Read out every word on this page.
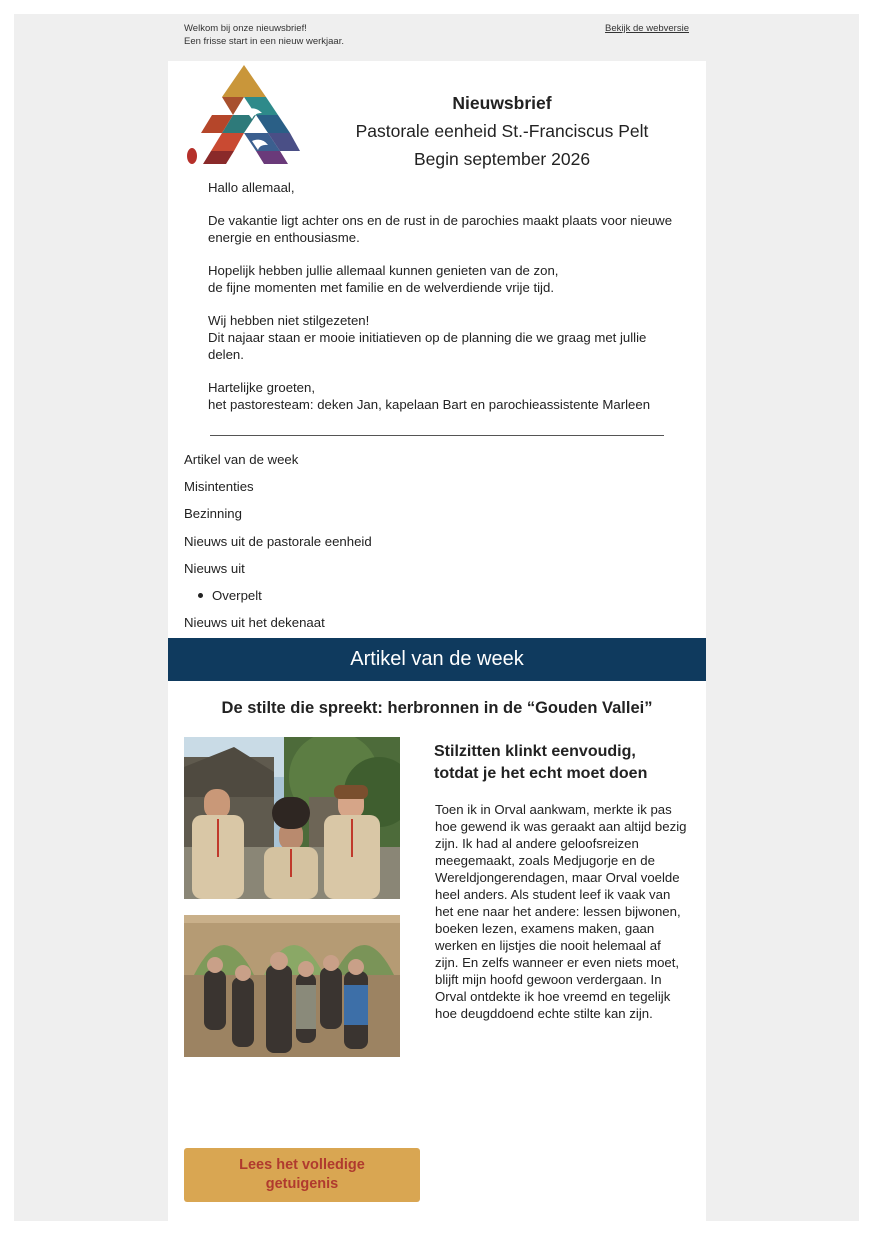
Welkom bij onze nieuwsbrief!
Een frisse start in een nieuw werkjaar.
Bekijk de webversie
Nieuwsbrief
Pastorale eenheid St.-Franciscus Pelt
Begin september 2026

Hallo allemaal,

De vakantie ligt achter ons en de rust in de parochies maakt plaats voor nieuwe energie en enthousiasme.

Hopelijk hebben jullie allemaal kunnen genieten van de zon,
de fijne momenten met familie en de welverdiende vrije tijd.

Wij hebben niet stilgezeten!
Dit najaar staan er mooie initiatieven op de planning die we graag met jullie delen.

Hartelijke groeten,
het pastoresteam: deken Jan, kapelaan Bart en parochieassistente Marleen

Artikel van de week
Misintenties
Bezinning
Nieuws uit de pastorale eenheid
Nieuws uit
Overpelt
Nieuws uit het dekenaat
Artikel van de week
De stilte die spreekt: herbronnen in de “Gouden Vallei”
Stilzitten klinkt eenvoudig, totdat je het echt moet doen
Toen ik in Orval aankwam, merkte ik pas hoe gewend ik was geraakt aan altijd bezig zijn. Ik had al andere geloofsreizen meegemaakt, zoals Medjugorje en de Wereldjongerendagen, maar Orval voelde heel anders. Als student leef ik vaak van het ene naar het andere: lessen bijwonen, boeken lezen, examens maken, gaan werken en lijstjes die nooit helemaal af zijn. En zelfs wanneer er even niets moet, blijft mijn hoofd gewoon verdergaan. In Orval ontdekte ik hoe vreemd en tegelijk hoe deugddoend echte stilte kan zijn.
Lees het volledige getuigenis
